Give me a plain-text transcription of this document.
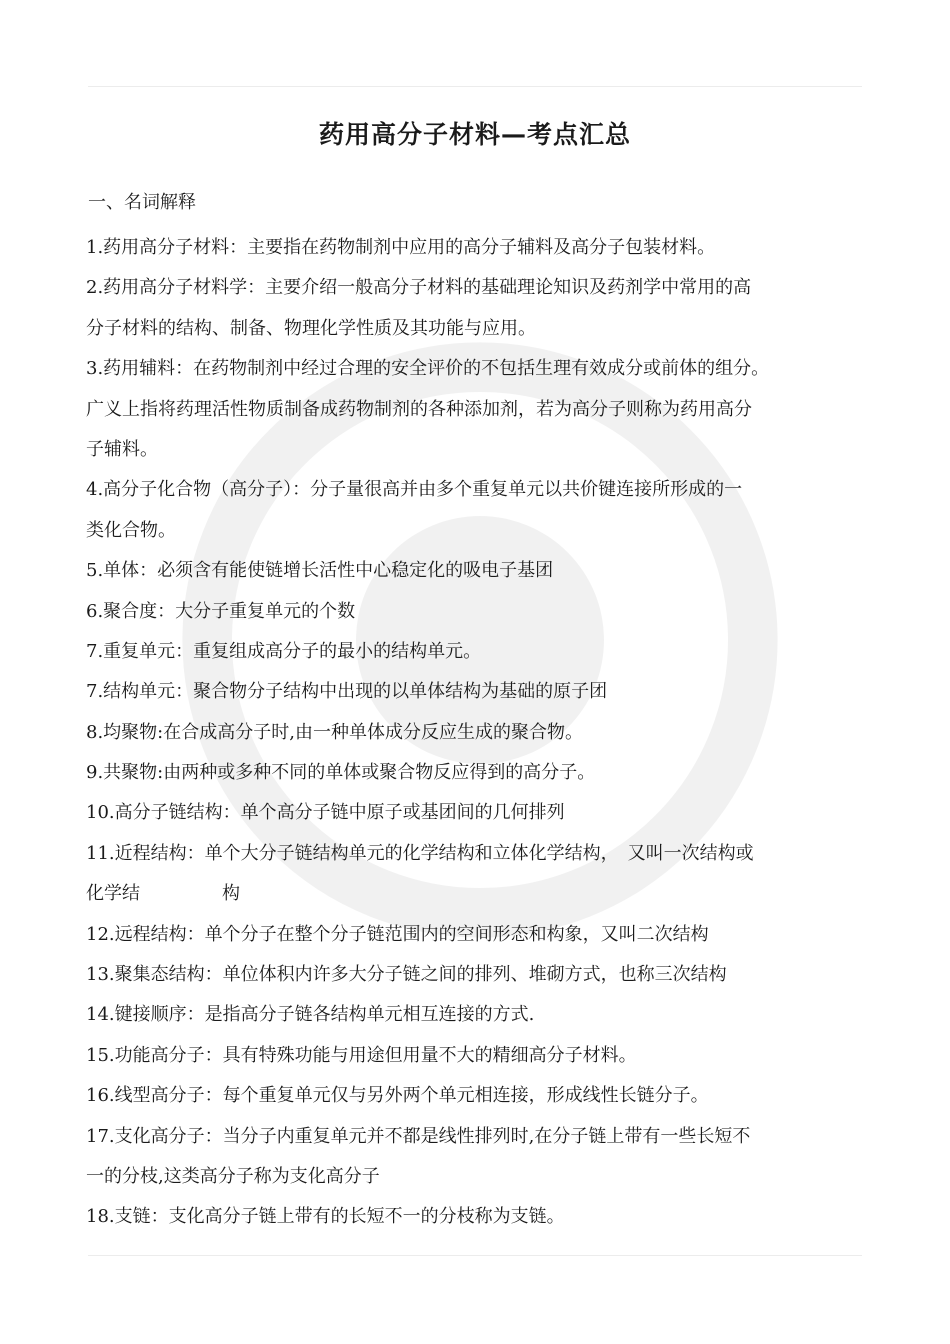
药用高分子材料—考点汇总
一、名词解释
1.药用高分子材料：主要指在药物制剂中应用的高分子辅料及高分子包装材料。
2.药用高分子材料学：主要介绍一般高分子材料的基础理论知识及药剂学中常用的高
分子材料的结构、制备、物理化学性质及其功能与应用。
3.药用辅料：在药物制剂中经过合理的安全评价的不包括生理有效成分或前体的组分。
广义上指将药理活性物质制备成药物制剂的各种添加剂，若为高分子则称为药用高分
子辅料。
4.高分子化合物（高分子）：分子量很高并由多个重复单元以共价键连接所形成的一
类化合物。
5.单体：必须含有能使链增长活性中心稳定化的吸电子基团
6.聚合度：大分子重复单元的个数
7.重复单元：重复组成高分子的最小的结构单元。
7.结构单元：聚合物分子结构中出现的以单体结构为基础的原子团
8.均聚物:在合成高分子时,由一种单体成分反应生成的聚合物。
9.共聚物:由两种或多种不同的单体或聚合物反应得到的高分子。
10.高分子链结构：单个高分子链中原子或基团间的几何排列
11.近程结构：单个大分子链结构单元的化学结构和立体化学结构，　又叫一次结构或
化学结	构
12.远程结构：单个分子在整个分子链范围内的空间形态和构象，又叫二次结构
13.聚集态结构：单位体积内许多大分子链之间的排列、堆砌方式，也称三次结构
14.键接顺序：是指高分子链各结构单元相互连接的方式.
15.功能高分子：具有特殊功能与用途但用量不大的精细高分子材料。
16.线型高分子：每个重复单元仅与另外两个单元相连接，形成线性长链分子。
17.支化高分子：当分子内重复单元并不都是线性排列时,在分子链上带有一些长短不
一的分枝,这类高分子称为支化高分子
18.支链：支化高分子链上带有的长短不一的分枝称为支链。
